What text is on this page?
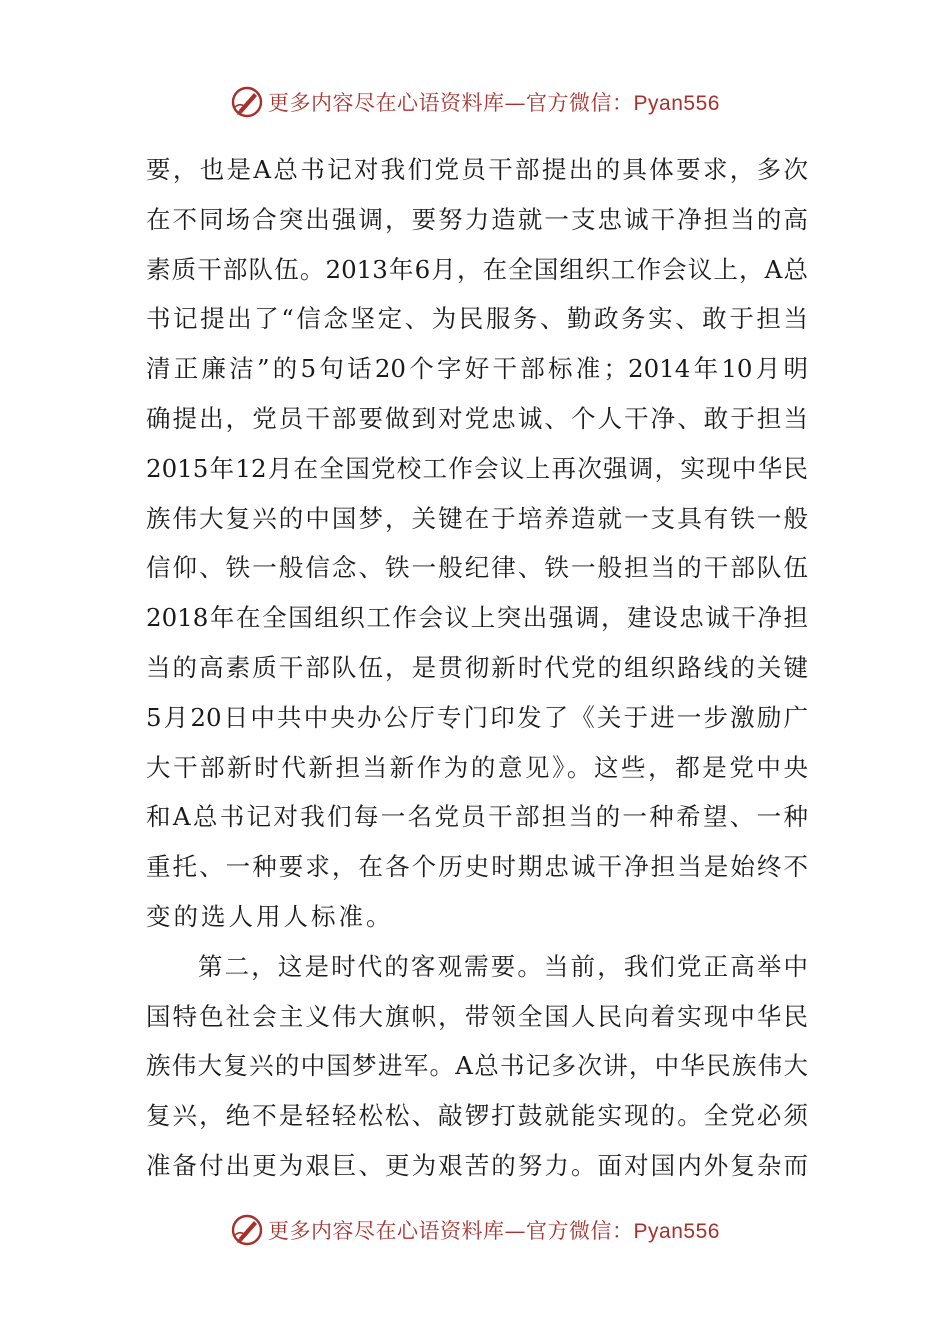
更多内容尽在心语资料库—官方微信：Pyan556
要，也是A总书记对我们党员干部提出的具体要求，多次
在不同场合突出强调，要努力造就一支忠诚干净担当的高
素质干部队伍。2013年6月，在全国组织工作会议上，A总
书记提出了“信念坚定、为民服务、勤政务实、敢于担当
清正廉洁”的5句话20个字好干部标准；2014年10月明
确提出，党员干部要做到对党忠诚、个人干净、敢于担当
2015年12月在全国党校工作会议上再次强调，实现中华民
族伟大复兴的中国梦，关键在于培养造就一支具有铁一般
信仰、铁一般信念、铁一般纪律、铁一般担当的干部队伍
2018年在全国组织工作会议上突出强调，建设忠诚干净担
当的高素质干部队伍，是贯彻新时代党的组织路线的关键
5月20日中共中央办公厅专门印发了《关于进一步激励广
大干部新时代新担当新作为的意见》。这些，都是党中央
和A总书记对我们每一名党员干部担当的一种希望、一种
重托、一种要求，在各个历史时期忠诚干净担当是始终不
变的选人用人标准。
第二，这是时代的客观需要。当前，我们党正高举中
国特色社会主义伟大旗帜，带领全国人民向着实现中华民
族伟大复兴的中国梦进军。A总书记多次讲，中华民族伟大
复兴，绝不是轻轻松松、敲锣打鼓就能实现的。全党必须
准备付出更为艰巨、更为艰苦的努力。面对国内外复杂而
更多内容尽在心语资料库—官方微信：Pyan556
